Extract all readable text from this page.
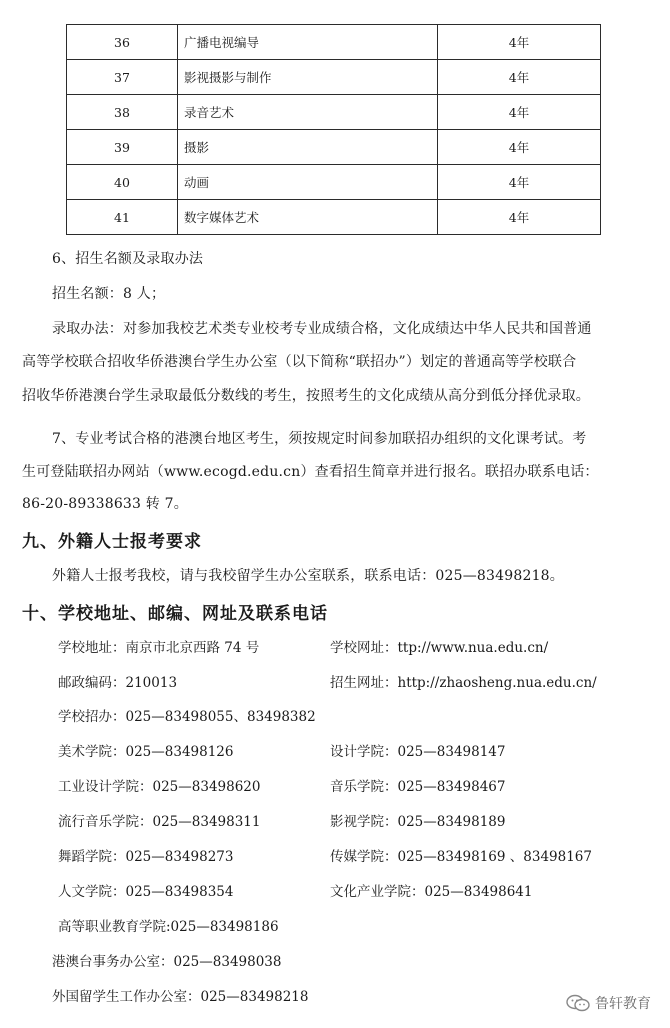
36	广播电视编导	4年
37	影视摄影与制作	4年
38	录音艺术	4年
39	摄影	4年
40	动画	4年
41	数字媒体艺术	4年
6、招生名额及录取办法
招生名额：8 人；
录取办法：对参加我校艺术类专业校考专业成绩合格，文化成绩达中华人民共和国普通
高等学校联合招收华侨港澳台学生办公室（以下简称“联招办”）划定的普通高等学校联合
招收华侨港澳台学生录取最低分数线的考生，按照考生的文化成绩从高分到低分择优录取。
7、专业考试合格的港澳台地区考生，须按规定时间参加联招办组织的文化课考试。考
生可登陆联招办网站（www.ecogd.edu.cn）查看招生简章并进行报名。联招办联系电话：
86-20-89338633 转 7。
九、外籍人士报考要求
外籍人士报考我校，请与我校留学生办公室联系，联系电话：025—83498218。
十、学校地址、邮编、网址及联系电话
学校地址：南京市北京西路 74 号	学校网址：ttp://www.nua.edu.cn/
邮政编码：210013	招生网址：http://zhaosheng.nua.edu.cn/
学校招办：025—83498055、83498382
美术学院：025—83498126	设计学院：025—83498147
工业设计学院：025—83498620	音乐学院：025—83498467
流行音乐学院：025—83498311	影视学院：025—83498189
舞蹈学院：025—83498273	传媒学院：025—83498169 、83498167
人文学院：025—83498354	文化产业学院：025—83498641
高等职业教育学院:025—83498186
港澳台事务办公室：025—83498038
外国留学生工作办公室：025—83498218	鲁轩教育
